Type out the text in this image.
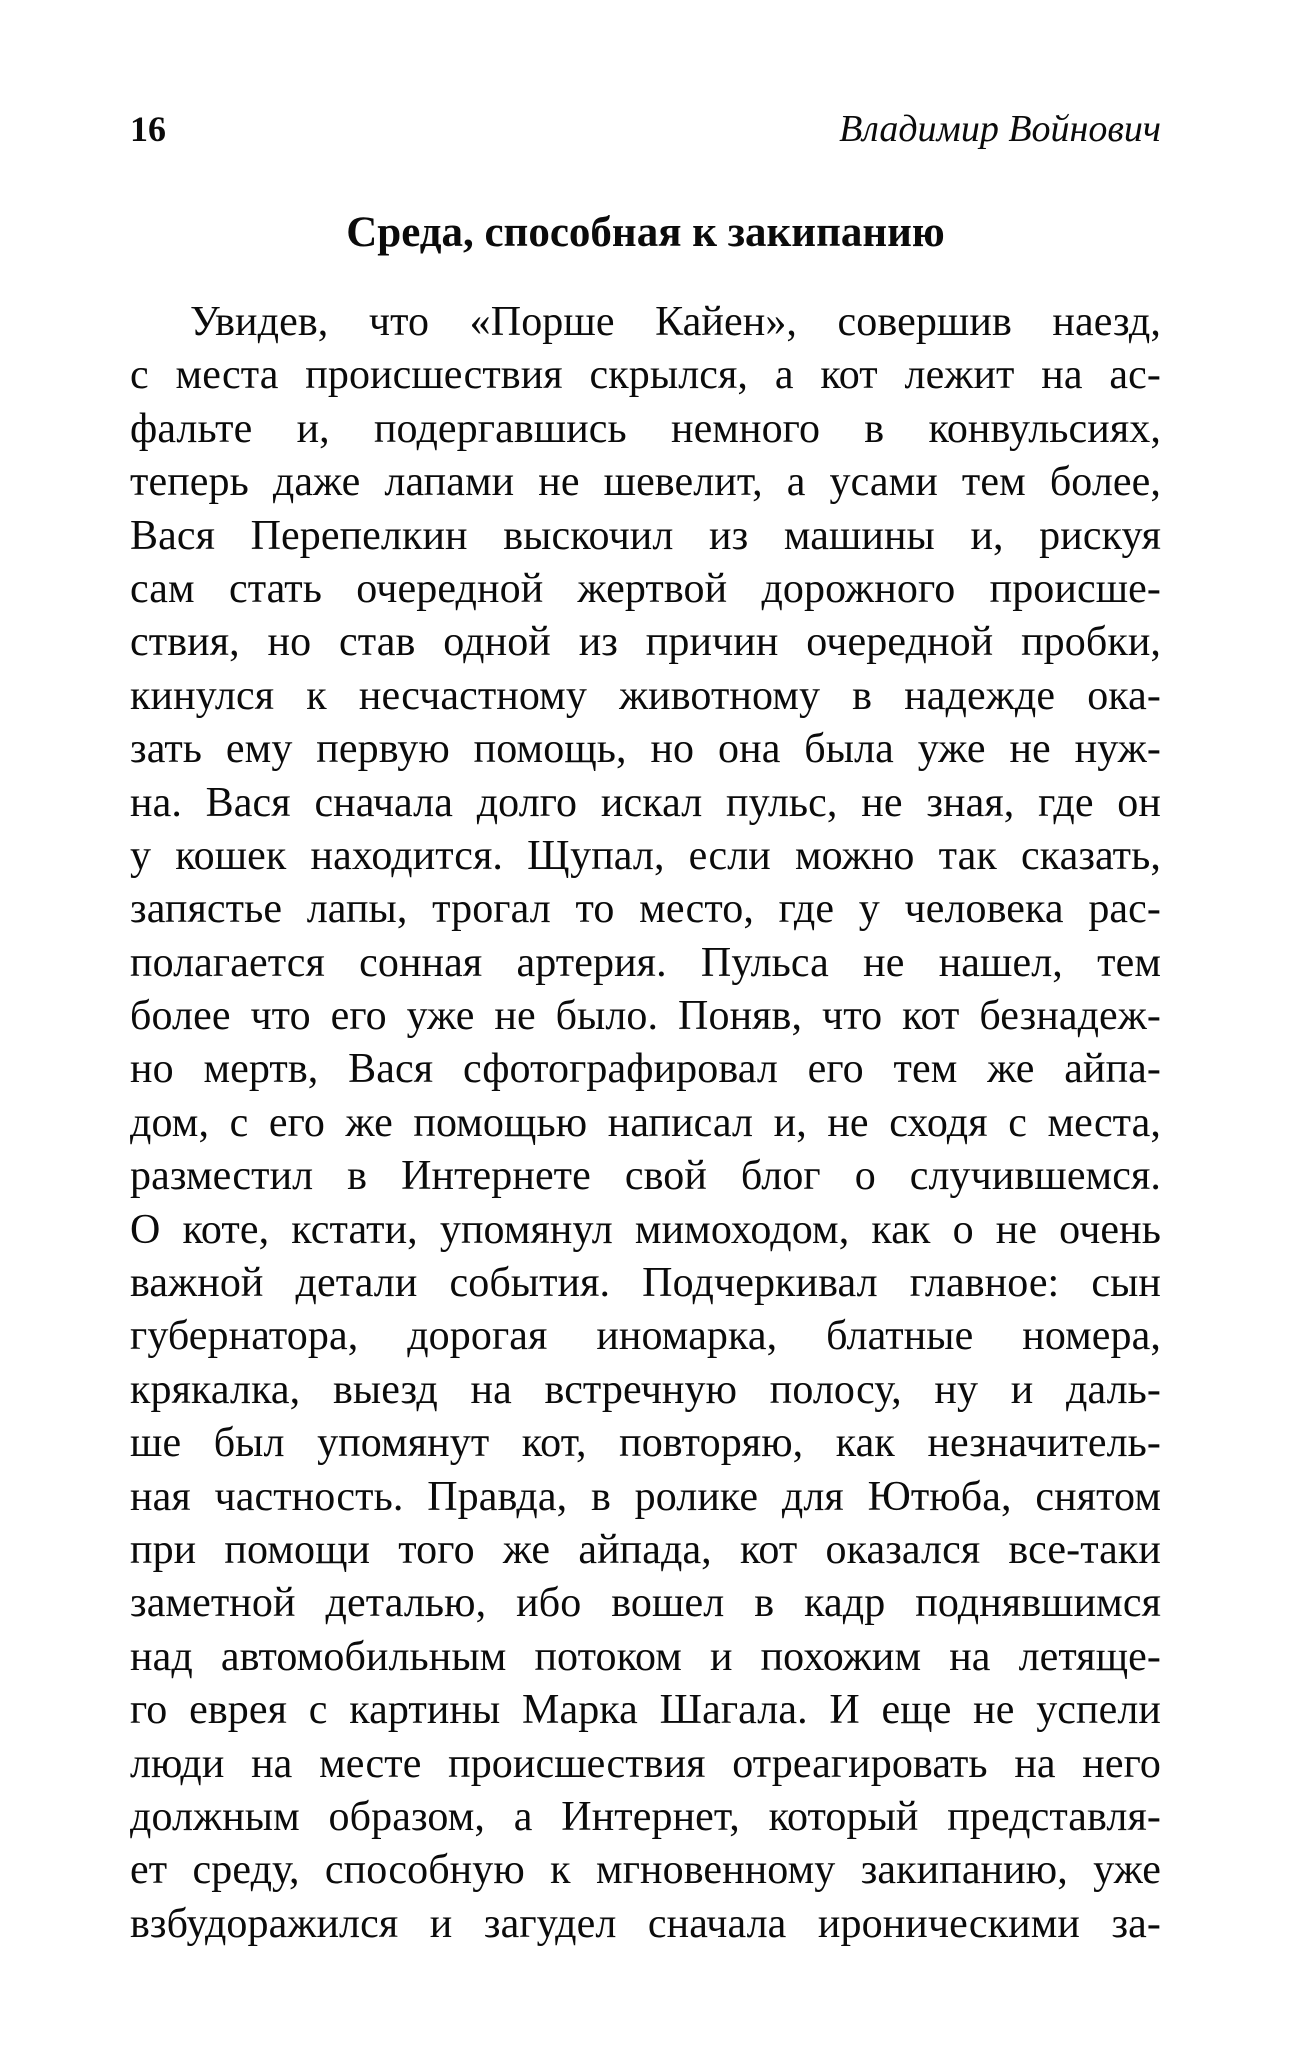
16	Владимир Войнович
Среда, способная к закипанию
Увидев, что «Порше Кайен», совершив наезд,
с места происшествия скрылся, а кот лежит на ас-
фальте и, подергавшись немного в конвульсиях,
теперь даже лапами не шевелит, а усами тем более,
Вася Перепелкин выскочил из машины и, рискуя
сам стать очередной жертвой дорожного происше-
ствия, но став одной из причин очередной пробки,
кинулся к несчастному животному в надежде ока-
зать ему первую помощь, но она была уже не нуж-
на. Вася сначала долго искал пульс, не зная, где он
у кошек находится. Щупал, если можно так сказать,
запястье лапы, трогал то место, где у человека рас-
полагается сонная артерия. Пульса не нашел, тем
более что его уже не было. Поняв, что кот безнадеж-
но мертв, Вася сфотографировал его тем же айпа-
дом, с его же помощью написал и, не сходя с места,
разместил в Интернете свой блог о случившемся.
О коте, кстати, упомянул мимоходом, как о не очень
важной детали события. Подчеркивал главное: сын
губернатора, дорогая иномарка, блатные номера,
крякалка, выезд на встречную полосу, ну и даль-
ше был упомянут кот, повторяю, как незначитель-
ная частность. Правда, в ролике для Ютюба, снятом
при помощи того же айпада, кот оказался все-таки
заметной деталью, ибо вошел в кадр поднявшимся
над автомобильным потоком и похожим на летяще-
го еврея с картины Марка Шагала. И еще не успели
люди на месте происшествия отреагировать на него
должным образом, а Интернет, который представля-
ет среду, способную к мгновенному закипанию, уже
взбудоражился и загудел сначала ироническими за-
